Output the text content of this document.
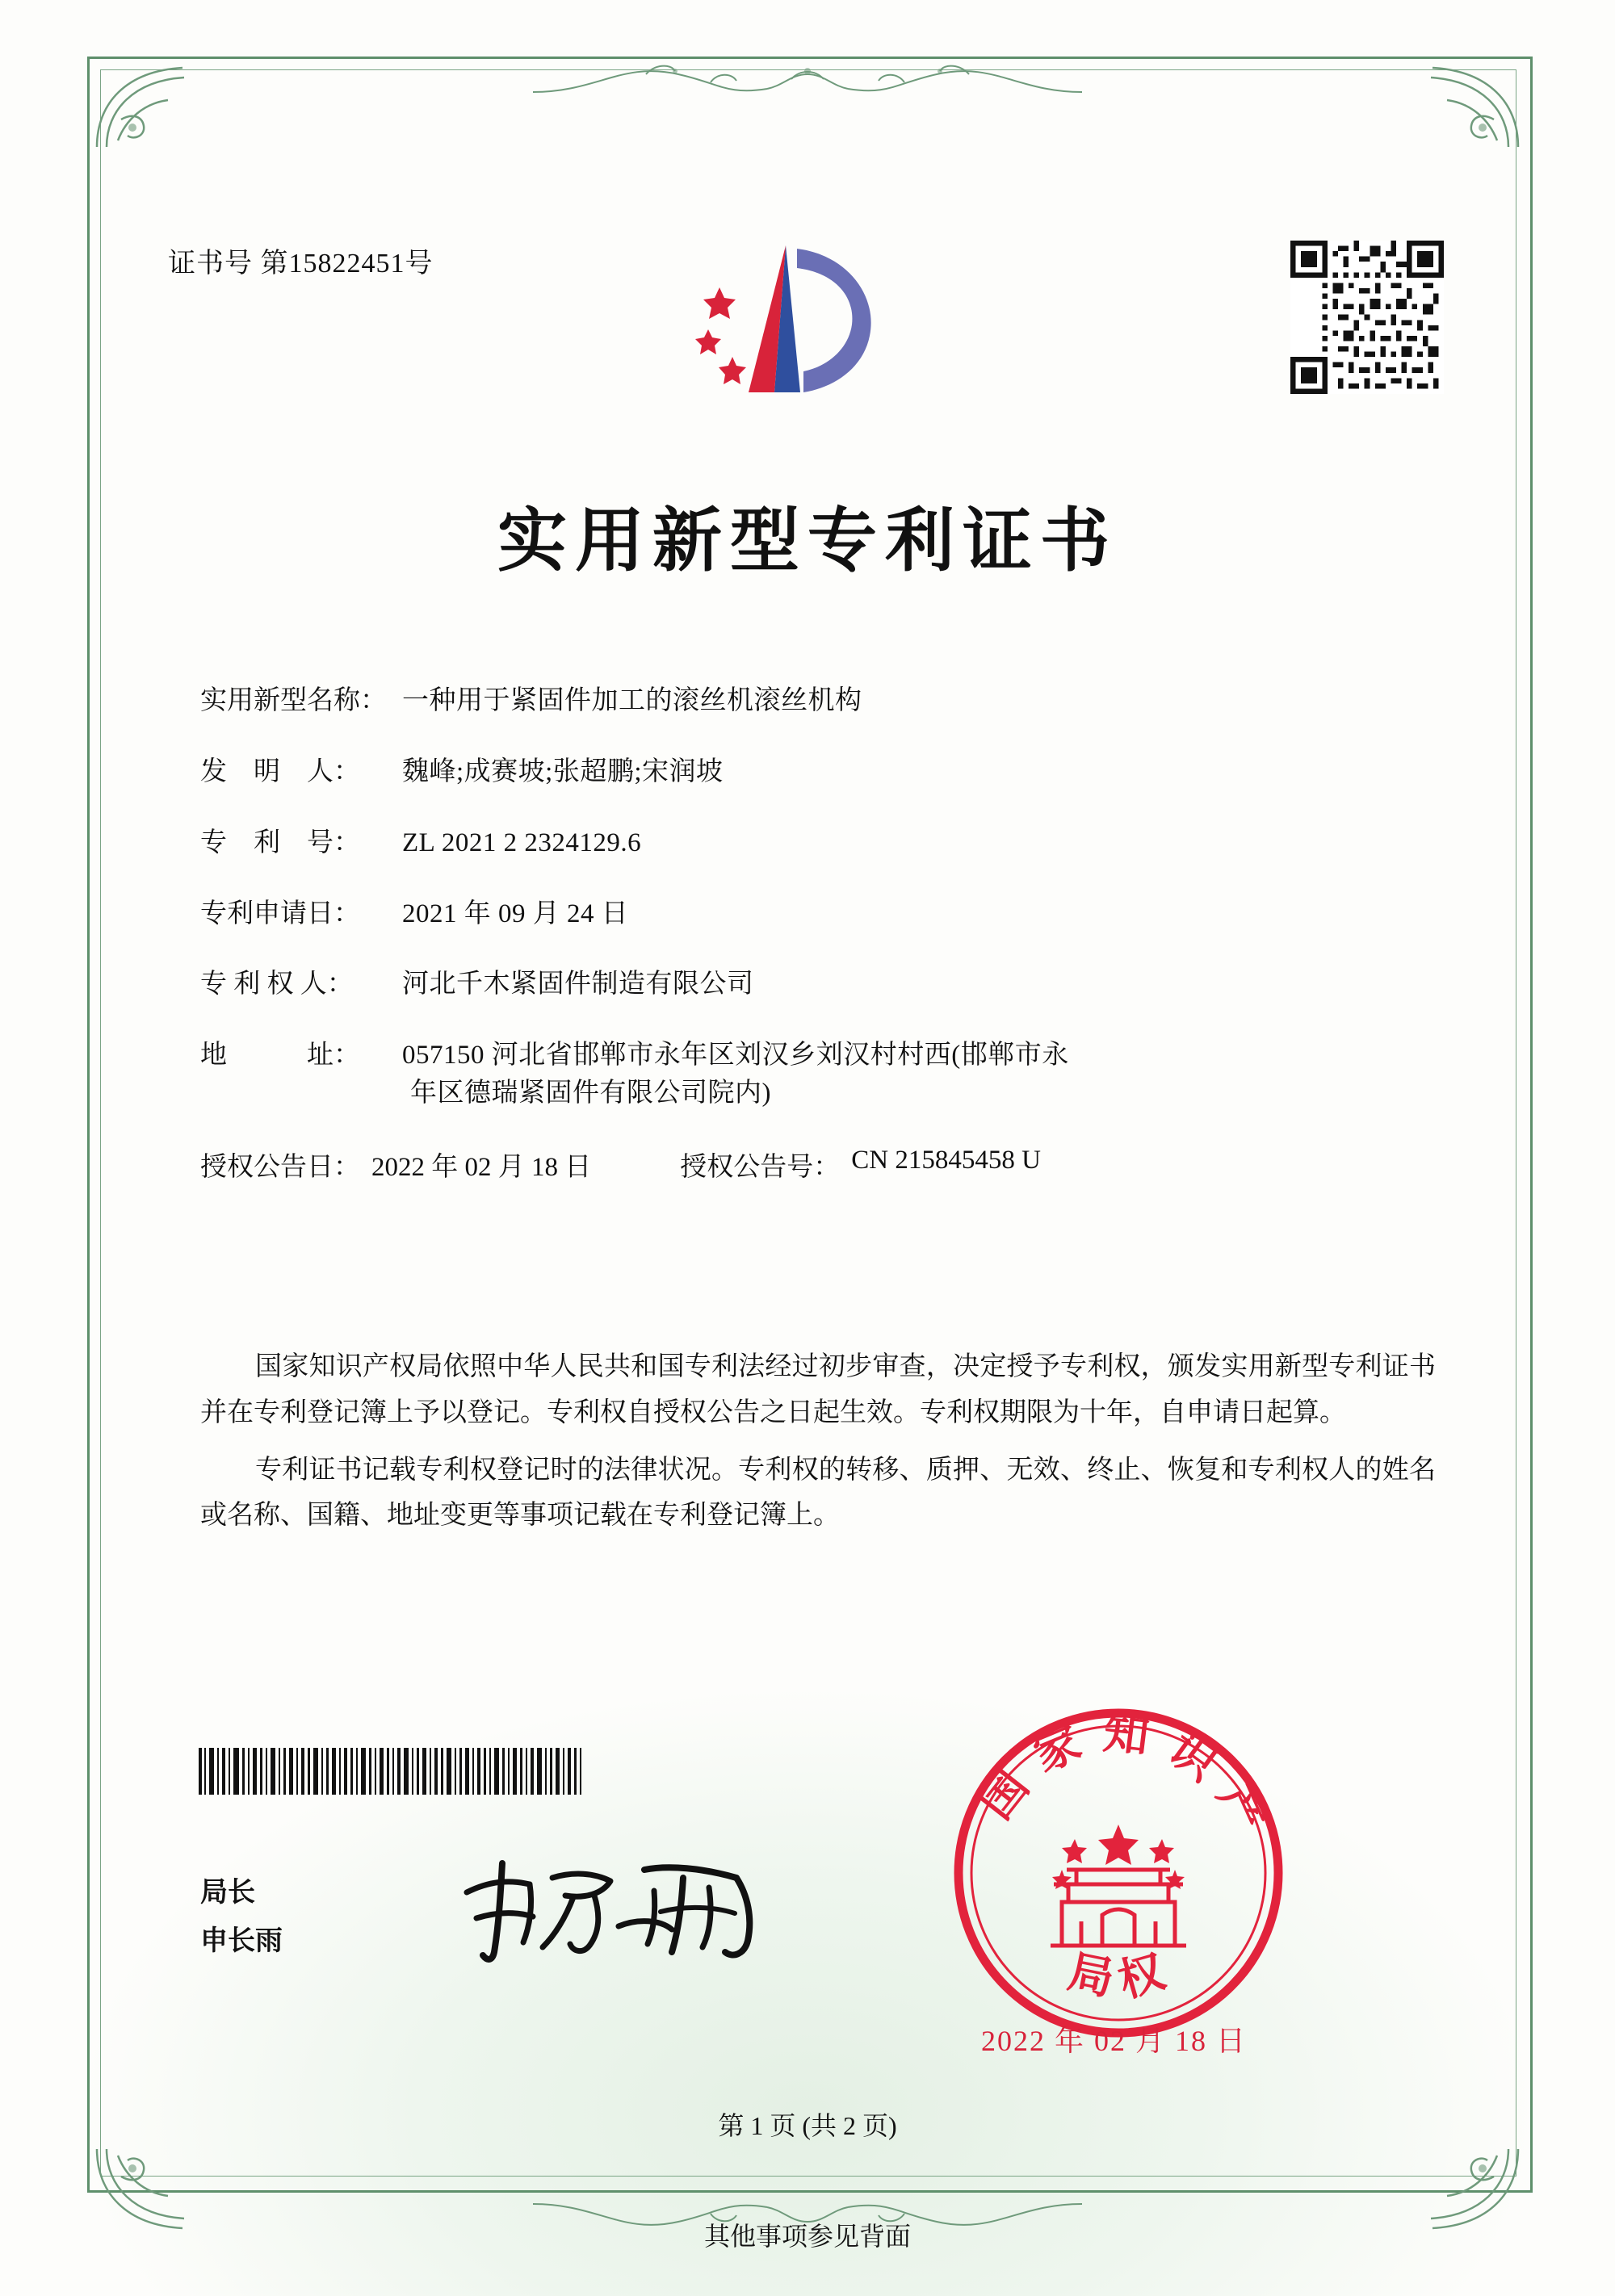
证书号 第15822451号
实用新型专利证书
实用新型名称： 一种用于紧固件加工的滚丝机滚丝机构
发　明　人：	魏峰;成赛坡;张超鹏;宋润坡
专　利　号：	ZL 2021 2 2324129.6
专利申请日：	2021 年 09 月 24 日
专 利 权 人：	河北千木紧固件制造有限公司
地　　　址：	057150 河北省邯郸市永年区刘汉乡刘汉村村西(邯郸市永
年区德瑞紧固件有限公司院内)
授权公告日： 2022 年 02 月 18 日	授权公告号： CN 215845458 U

国家知识产权局依照中华人民共和国专利法经过初步审查，决定授予专利权，颁发实用新型专利证书并在专利登记簿上予以登记。专利权自授权公告之日起生效。专利权期限为十年，自申请日起算。

专利证书记载专利权登记时的法律状况。专利权的转移、质押、无效、终止、恢复和专利权人的姓名或名称、国籍、地址变更等事项记载在专利登记簿上。

局长
申长雨
国家知识产
局权
2022 年 02 月 18 日
第 1 页 (共 2 页)
其他事项参见背面
